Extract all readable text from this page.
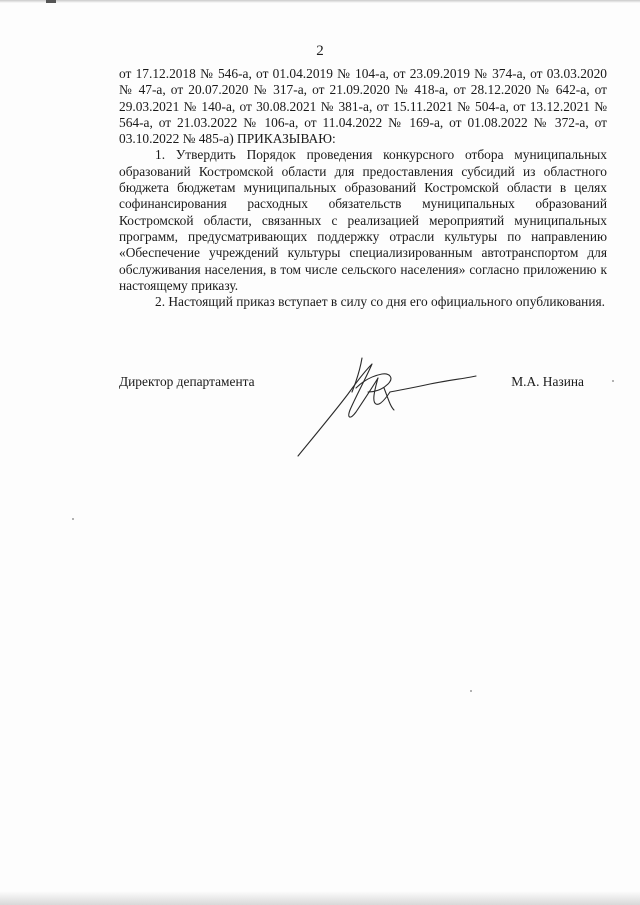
2

от 17.12.2018 № 546-а, от 01.04.2019 № 104-а, от 23.09.2019 № 374-а, от 03.03.2020 № 47-а, от 20.07.2020 № 317-а, от 21.09.2020 № 418-а, от 28.12.2020 № 642-а, от 29.03.2021 № 140-а, от 30.08.2021 № 381-а, от 15.11.2021 № 504-а, от 13.12.2021 № 564-а, от 21.03.2022 № 106-а, от 11.04.2022 № 169-а, от 01.08.2022 № 372-а, от 03.10.2022 № 485-а) ПРИКАЗЫВАЮ:

1. Утвердить Порядок проведения конкурсного отбора муниципальных образований Костромской области для предоставления субсидий из областного бюджета бюджетам муниципальных образований Костромской области в целях софинансирования расходных обязательств муниципальных образований Костромской области, связанных с реализацией мероприятий муниципальных программ, предусматривающих поддержку отрасли культуры по направлению «Обеспечение учреждений культуры специализированным автотранспортом для обслуживания населения, в том числе сельского населения» согласно приложению к настоящему приказу.

2. Настоящий приказ вступает в силу со дня его официального опубликования.

Директор департамента	М.А. Назина
